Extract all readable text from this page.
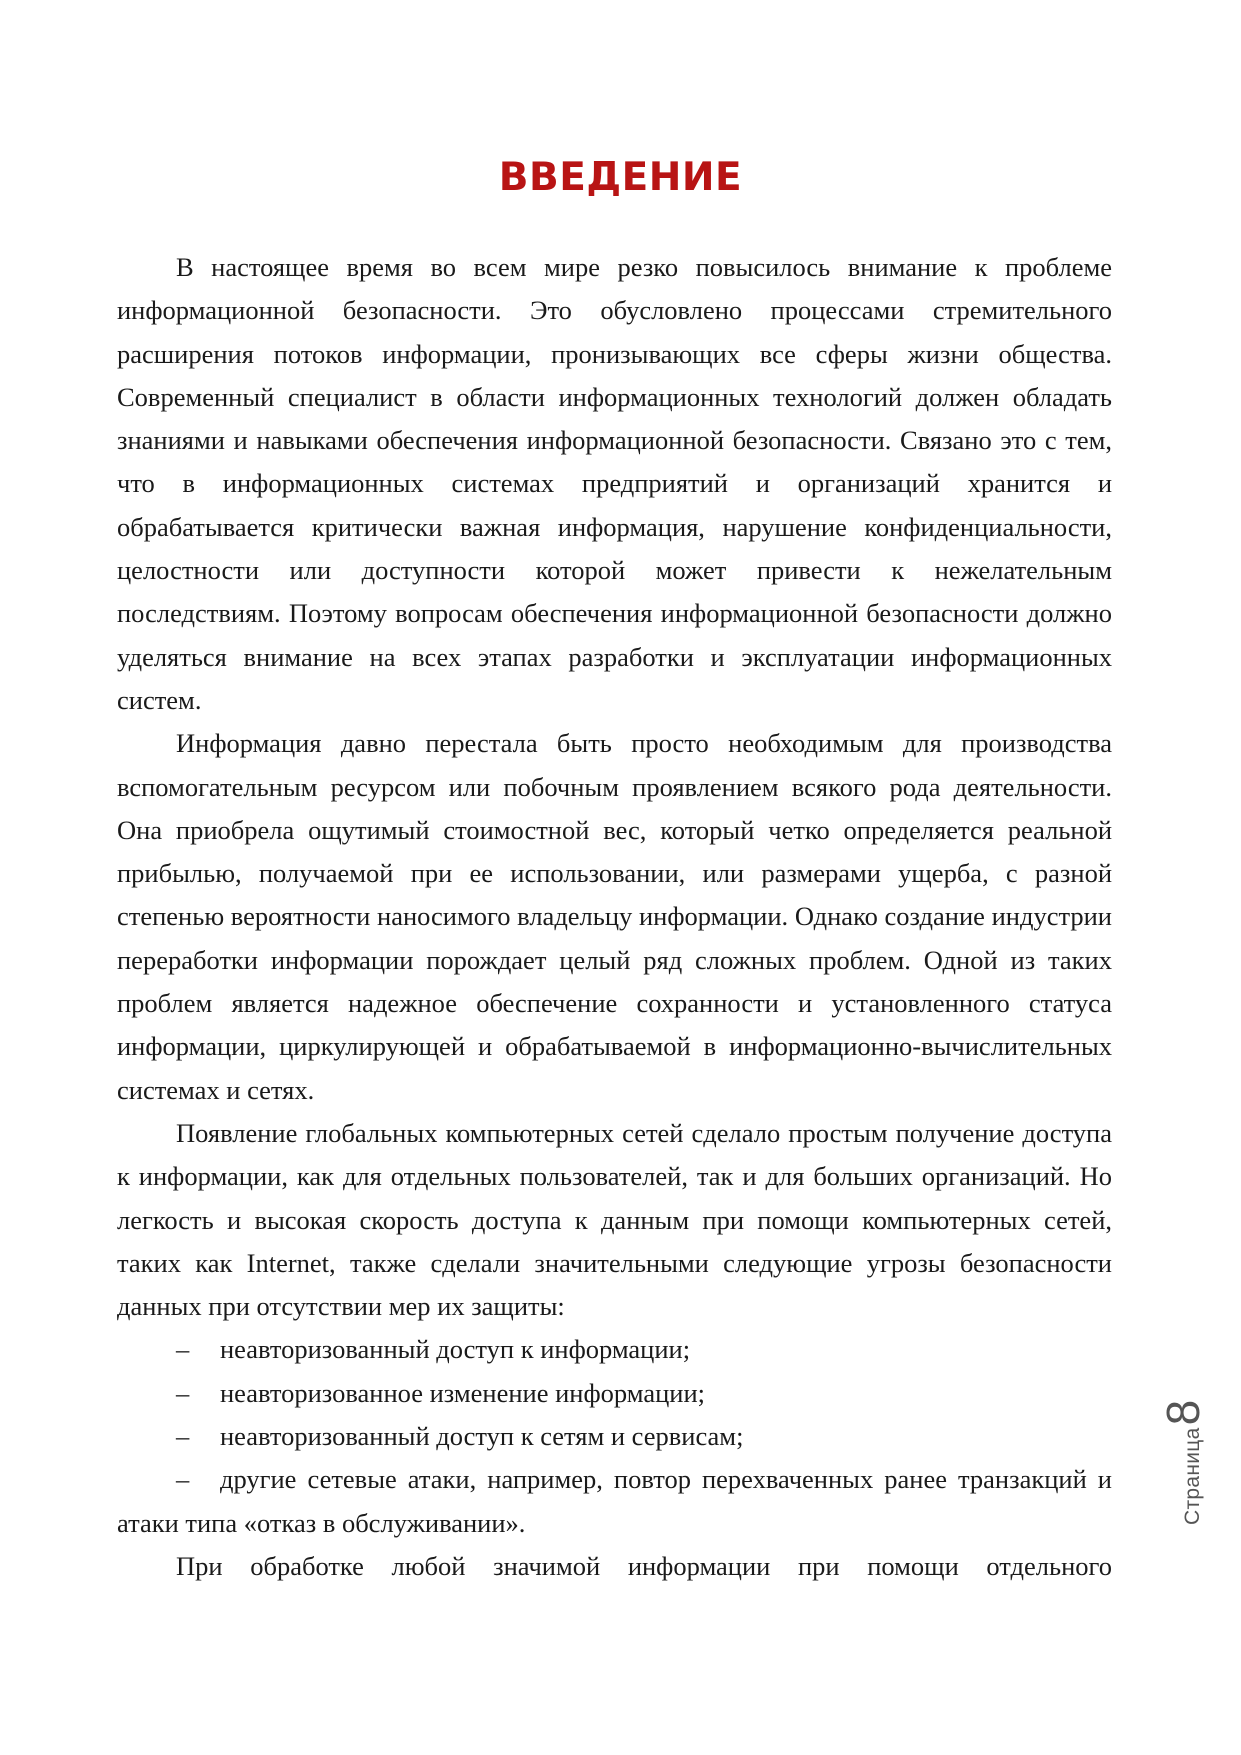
ВВЕДЕНИЕ

В настоящее время во всем мире резко повысилось внимание к проблеме информационной безопасности. Это обусловлено процессами стремительного расширения потоков информации, пронизывающих все сферы жизни общества. Современный специалист в области информационных технологий должен обладать знаниями и навыками обеспечения информационной безопасности. Связано это с тем, что в информационных системах предприятий и организаций хранится и обрабатывается критически важная информация, нарушение конфиденциальности, целостности или доступности которой может привести к нежелательным последствиям. Поэтому вопросам обеспечения информационной безопасности должно уделяться внимание на всех этапах разработки и эксплуатации информационных систем.

Информация давно перестала быть просто необходимым для производства вспомогательным ресурсом или побочным проявлением всякого рода деятельности. Она приобрела ощутимый стоимостной вес, который четко определяется реальной прибылью, получаемой при ее использовании, или размерами ущерба, с разной степенью вероятности наносимого владельцу информации. Однако создание индустрии переработки информации порождает целый ряд сложных проблем. Одной из таких проблем является надежное обеспечение сохранности и установленного статуса информации, циркулирующей и обрабатываемой в информационно-вычислительных системах и сетях.

Появление глобальных компьютерных сетей сделало простым получение доступа к информации, как для отдельных пользователей, так и для больших организаций. Но легкость и высокая скорость доступа к данным при помощи компьютерных сетей, таких как Internet, также сделали значительными следующие угрозы безопасности данных при отсутствии мер их защиты:

– неавторизованный доступ к информации;
– неавторизованное изменение информации;
– неавторизованный доступ к сетям и сервисам;
– другие сетевые атаки, например, повтор перехваченных ранее транзакций и атаки типа «отказ в обслуживании».

При обработке любой значимой информации при помощи отдельного

Страница
8
